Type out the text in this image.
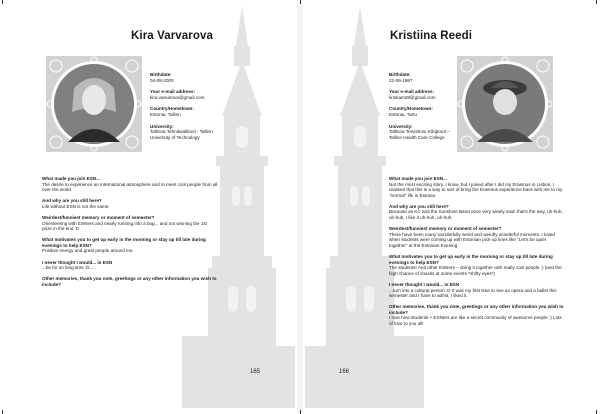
Kira Varvarova
Birthdate:
04-08-2000
Your e-mail address:
kira.varvarova@gmail.com
Country/Hometown:
Estonia, Tallinn
University:
Tallinna Tehnikaülikool - Tallinn
University of Technology
What made you join ESN...
The desire to experience an international atmosphere and to meet cool people from all over the world.
And why are you still here?
Life without ESN is not the same.
Weirdest/funniest memory or moment of semester?
Orienteering with ESNers and nearly running into a bog... and not winning the 1st prize in the end :D
What motivates you to get up early in the morning or stay up till late during evenings to help ESN?
Positive energy and great people around me.
I never thought I would... in ESN
...be for so long time :D...
Other memories, thank you note, greetings or any other information you wish to include?
165
Kristiina Reedi
Birthdate:
22-06-1987
Your e-mail address:
kriskam28@gmail.com
Country/Hometown:
Estonia, Tartu
University:
Tallinna Tervishoiu Kõrgkool –
Tallinn Health Care College
What made you join ESN...
Not the most exciting story. I know, but I joined after I did my Erasmus in Lisbon. I realised that this is a way to sort of bring the Erasmus experience back with me to my "normal" life in Estonia.
And why are you still here?
Because as KC and the Sunshine Band once very wisely said: that's the way, uh-huh, uh-huh, I like it uh-huh, uh-huh.
Weirdest/funniest memory or moment of semester?
There have been many wonderfully weird and weirdly wonderful moments. I loved when students were coming up with Estonian pick-up lines like "Let's be quiet together" at the Estonian Evening.
What motivates you to get up early in the morning or stay up till late during evenings to help ESN?
The students! And other ESNers – doing it together with really cool people :) (and the high chance of snacks at some events *shifty eyes*)
I never thought I would... in ESN
...turn into a cultural person :D It was my first time to see an opera and a ballet this semester and I have to admit, I liked it.
Other memories, thank you note, greetings or any other information you wish to include?
I love how students + ESNers are like a secret community of awesome people :) Lots of love to you all!
166
